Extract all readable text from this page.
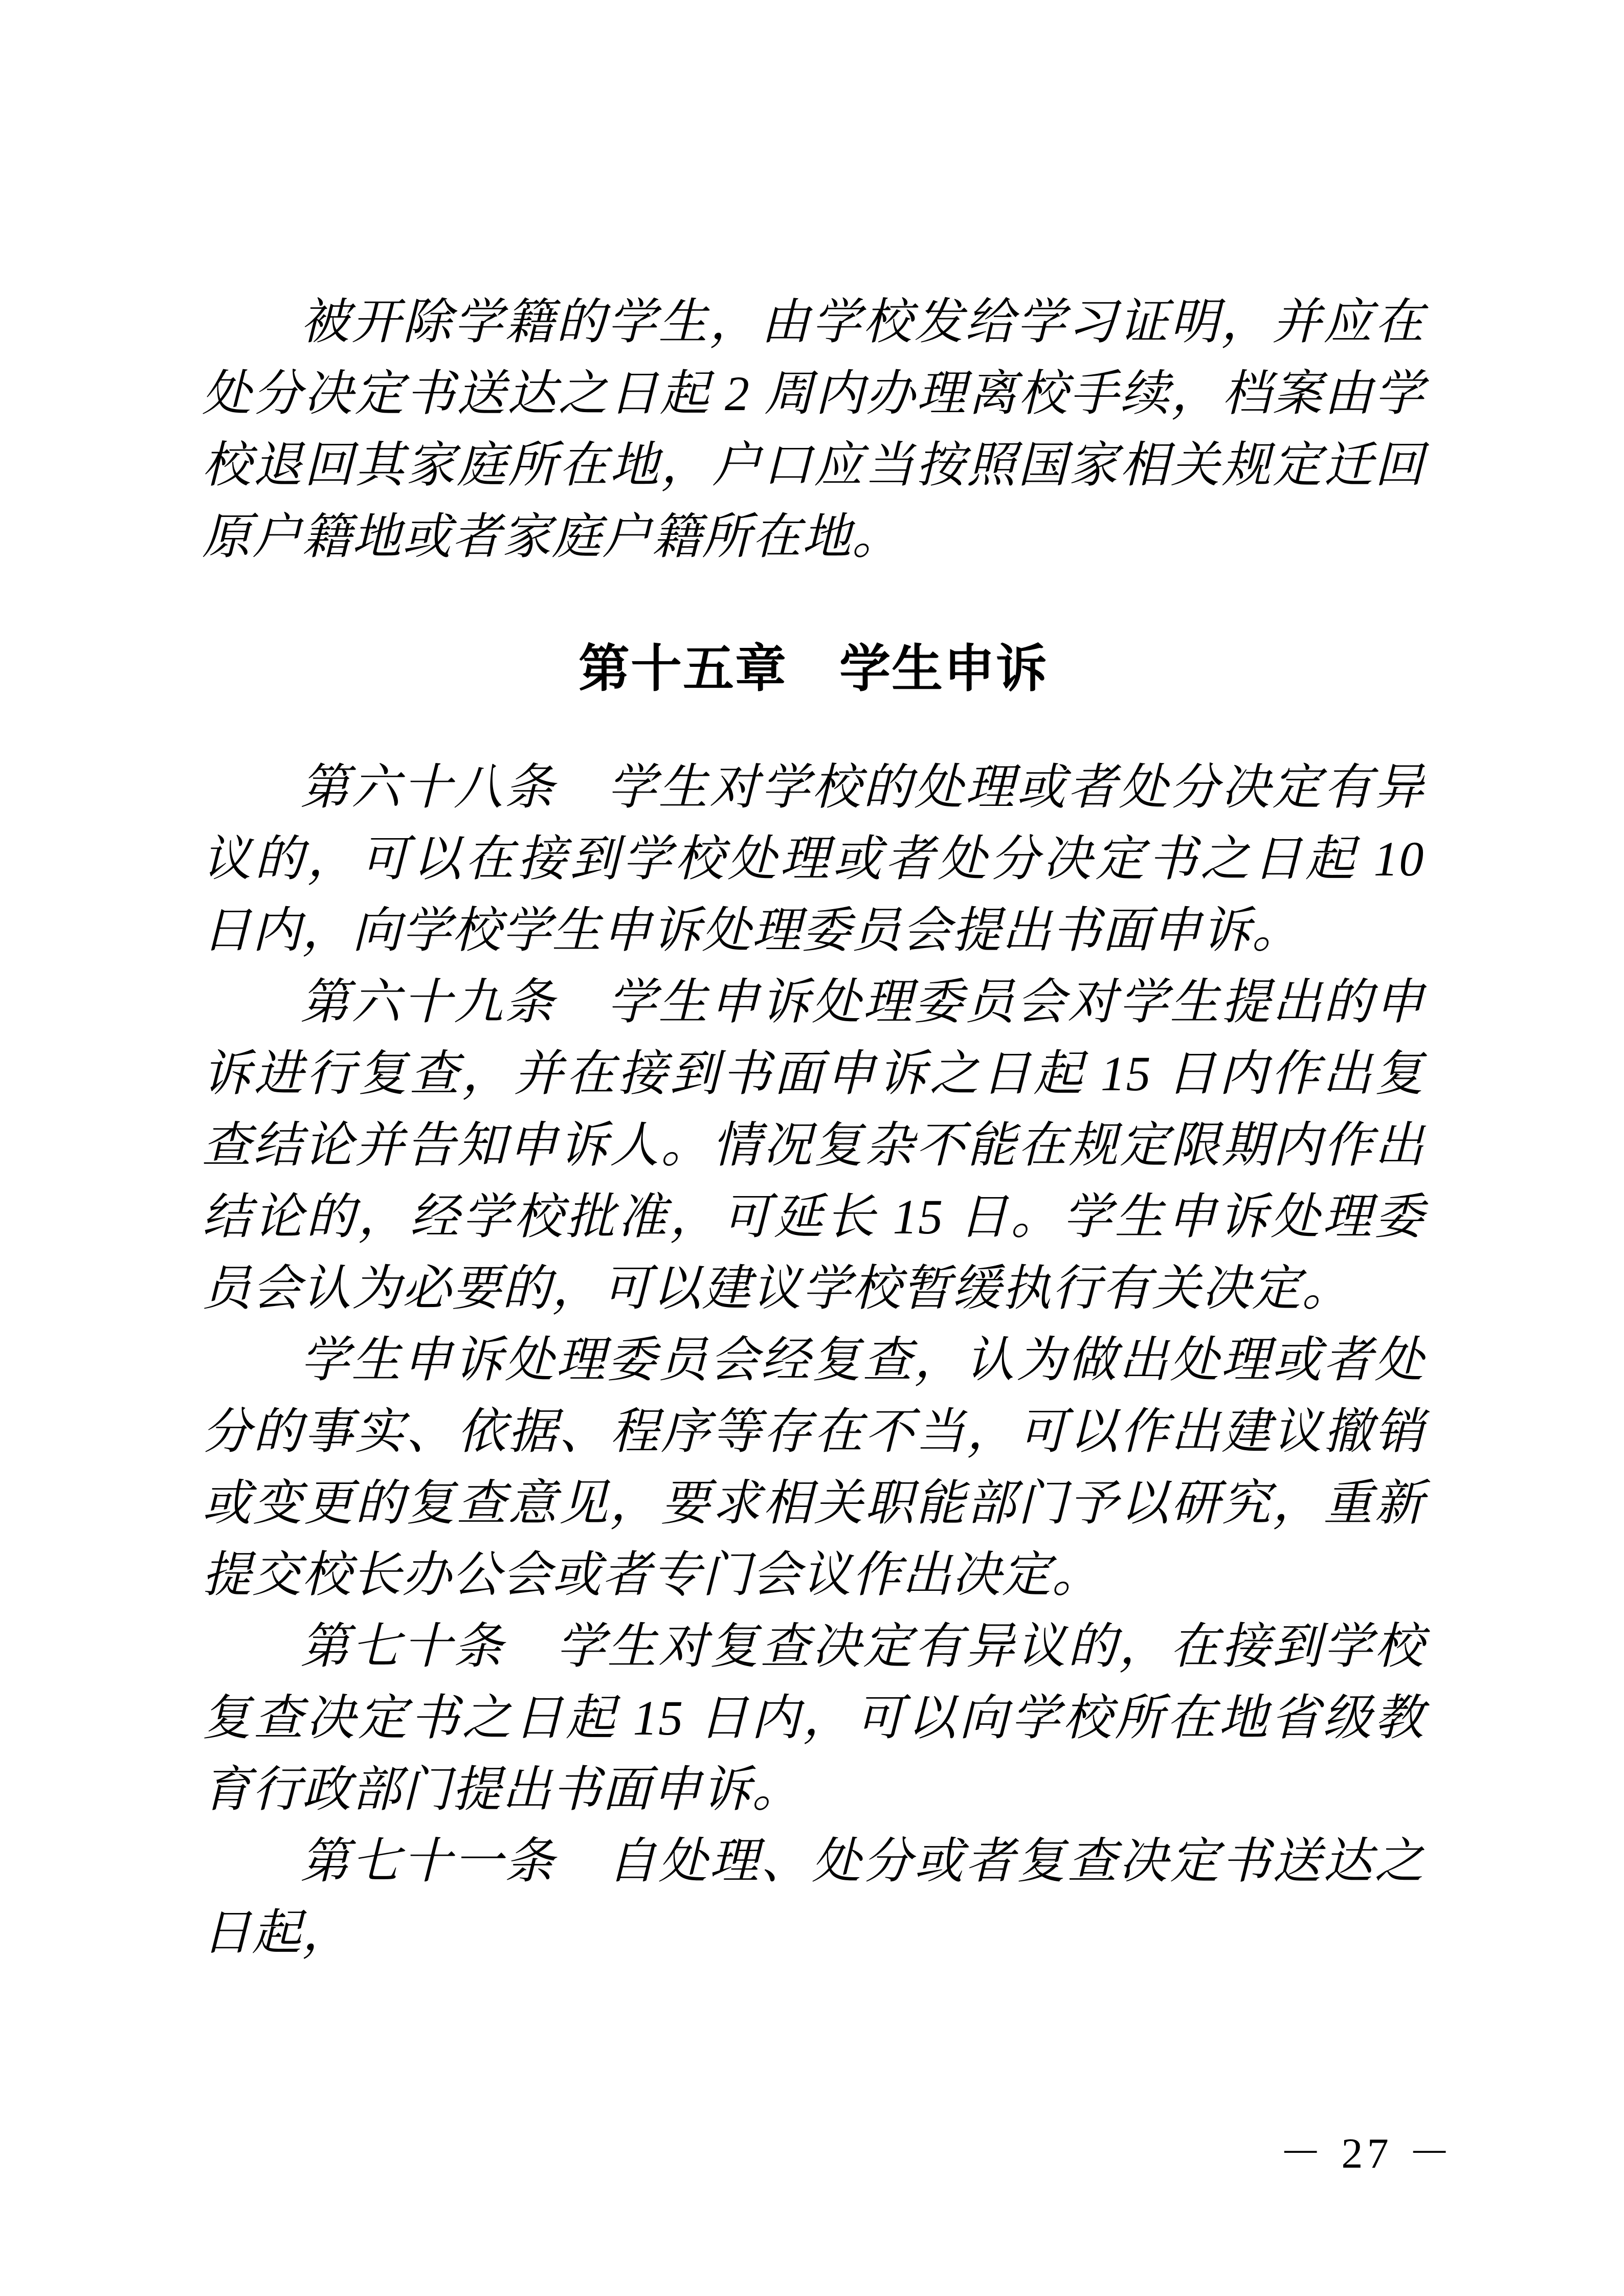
被开除学籍的学生，由学校发给学习证明，并应在处分决定书送达之日起 2 周内办理离校手续，档案由学校退回其家庭所在地，户口应当按照国家相关规定迁回原户籍地或者家庭户籍所在地。

第十五章　学生申诉

第六十八条　学生对学校的处理或者处分决定有异议的，可以在接到学校处理或者处分决定书之日起 10 日内，向学校学生申诉处理委员会提出书面申诉。

第六十九条　学生申诉处理委员会对学生提出的申诉进行复查，并在接到书面申诉之日起 15 日内作出复查结论并告知申诉人。情况复杂不能在规定限期内作出结论的，经学校批准，可延长 15 日。学生申诉处理委员会认为必要的，可以建议学校暂缓执行有关决定。

学生申诉处理委员会经复查，认为做出处理或者处分的事实、依据、程序等存在不当，可以作出建议撤销或变更的复查意见，要求相关职能部门予以研究，重新提交校长办公会或者专门会议作出决定。

第七十条　学生对复查决定有异议的，在接到学校复查决定书之日起 15 日内，可以向学校所在地省级教育行政部门提出书面申诉。

第七十一条　自处理、处分或者复查决定书送达之日起，

－ 27 －
